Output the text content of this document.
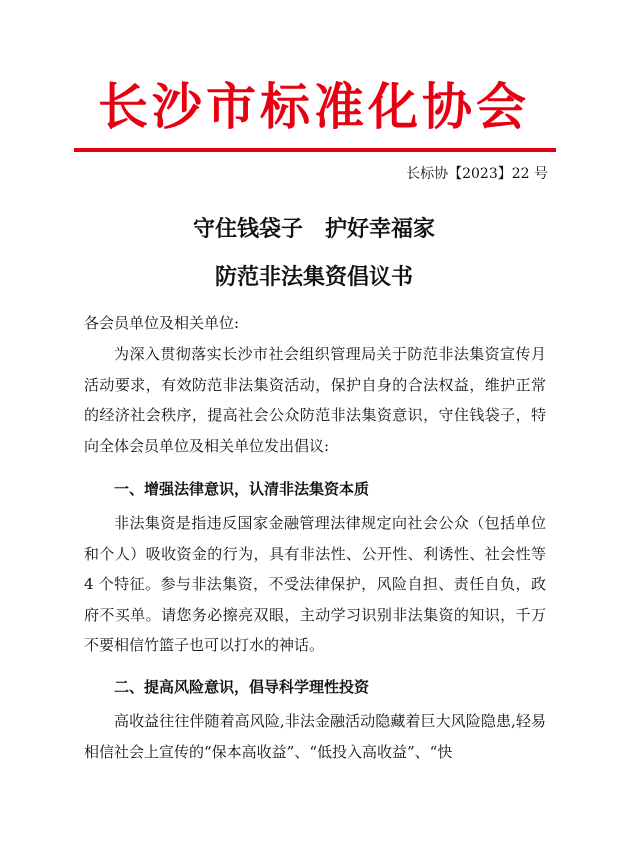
长沙市标准化协会
长标协【2023】22 号
守住钱袋子　护好幸福家
防范非法集资倡议书
各会员单位及相关单位:
为深入贯彻落实长沙市社会组织管理局关于防范非法集资宣传月活动要求，有效防范非法集资活动，保护自身的合法权益，维护正常的经济社会秩序，提高社会公众防范非法集资意识，守住钱袋子，特向全体会员单位及相关单位发出倡议:
一、增强法律意识，认清非法集资本质
非法集资是指违反国家金融管理法律规定向社会公众（包括单位和个人）吸收资金的行为，具有非法性、公开性、利诱性、社会性等 4 个特征。参与非法集资，不受法律保护，风险自担、责任自负，政府不买单。请您务必擦亮双眼，主动学习识别非法集资的知识，千万不要相信竹篮子也可以打水的神话。
二、提高风险意识，倡导科学理性投资
高收益往往伴随着高风险,非法金融活动隐藏着巨大风险隐患,轻易相信社会上宣传的“保本高收益”、“低投入高收益”、“快
